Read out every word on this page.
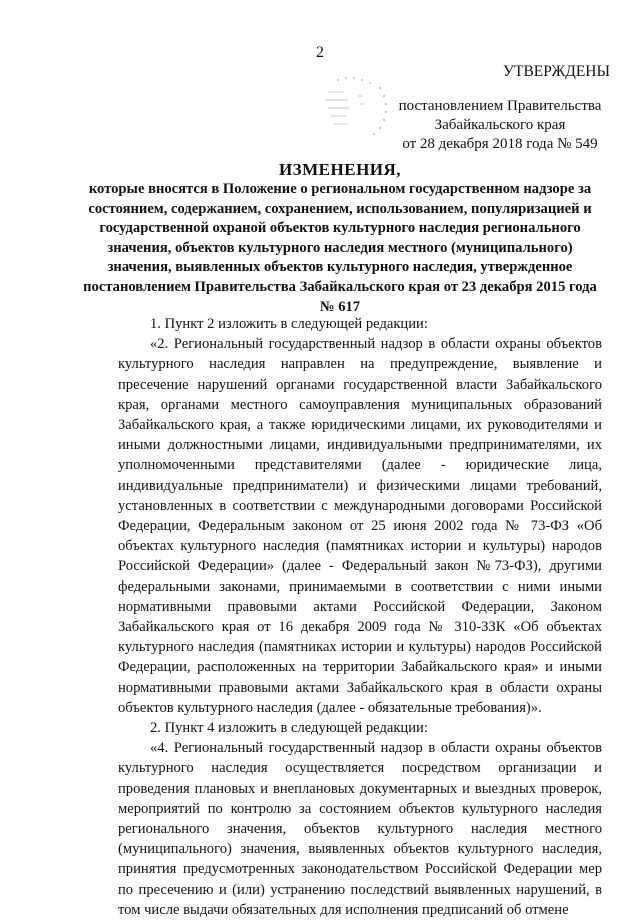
2
УТВЕРЖДЕНЫ
постановлением Правительства
Забайкальского края
от 28 декабря 2018 года № 549
ИЗМЕНЕНИЯ,
которые вносятся в Положение о региональном государственном надзоре за состоянием, содержанием, сохранением, использованием, популяризацией и государственной охраной объектов культурного наследия регионального значения, объектов культурного наследия местного (муниципального) значения, выявленных объектов культурного наследия, утвержденное постановлением Правительства Забайкальского края от 23 декабря 2015 года № 617

1. Пункт 2 изложить в следующей редакции:

«2. Региональный государственный надзор в области охраны объектов культурного наследия направлен на предупреждение, выявление и пресечение нарушений органами государственной власти Забайкальского края, органами местного самоуправления муниципальных образований Забайкальского края, а также юридическими лицами, их руководителями и иными должностными лицами, индивидуальными предпринимателями, их уполномоченными представителями (далее - юридические лица, индивидуальные предприниматели) и физическими лицами требований, установленных в соответствии с международными договорами Российской Федерации, Федеральным законом от 25 июня 2002 года № 73-ФЗ «Об объектах культурного наследия (памятниках истории и культуры) народов Российской Федерации» (далее - Федеральный закон №73-ФЗ), другими федеральными законами, принимаемыми в соответствии с ними иными нормативными правовыми актами Российской Федерации, Законом Забайкальского края от 16 декабря 2009 года № 310-ЗЗК «Об объектах культурного наследия (памятниках истории и культуры) народов Российской Федерации, расположенных на территории Забайкальского края» и иными нормативными правовыми актами Забайкальского края в области охраны объектов культурного наследия (далее - обязательные требования)».

2. Пункт 4 изложить в следующей редакции:

«4. Региональный государственный надзор в области охраны объектов культурного наследия осуществляется посредством организации и проведения плановых и внеплановых документарных и выездных проверок, мероприятий по контролю за состоянием объектов культурного наследия регионального значения, объектов культурного наследия местного (муниципального) значения, выявленных объектов культурного наследия, принятия предусмотренных законодательством Российской Федерации мер по пресечению и (или) устранению последствий выявленных нарушений, в том числе выдачи обязательных для исполнения предписаний об отмене
